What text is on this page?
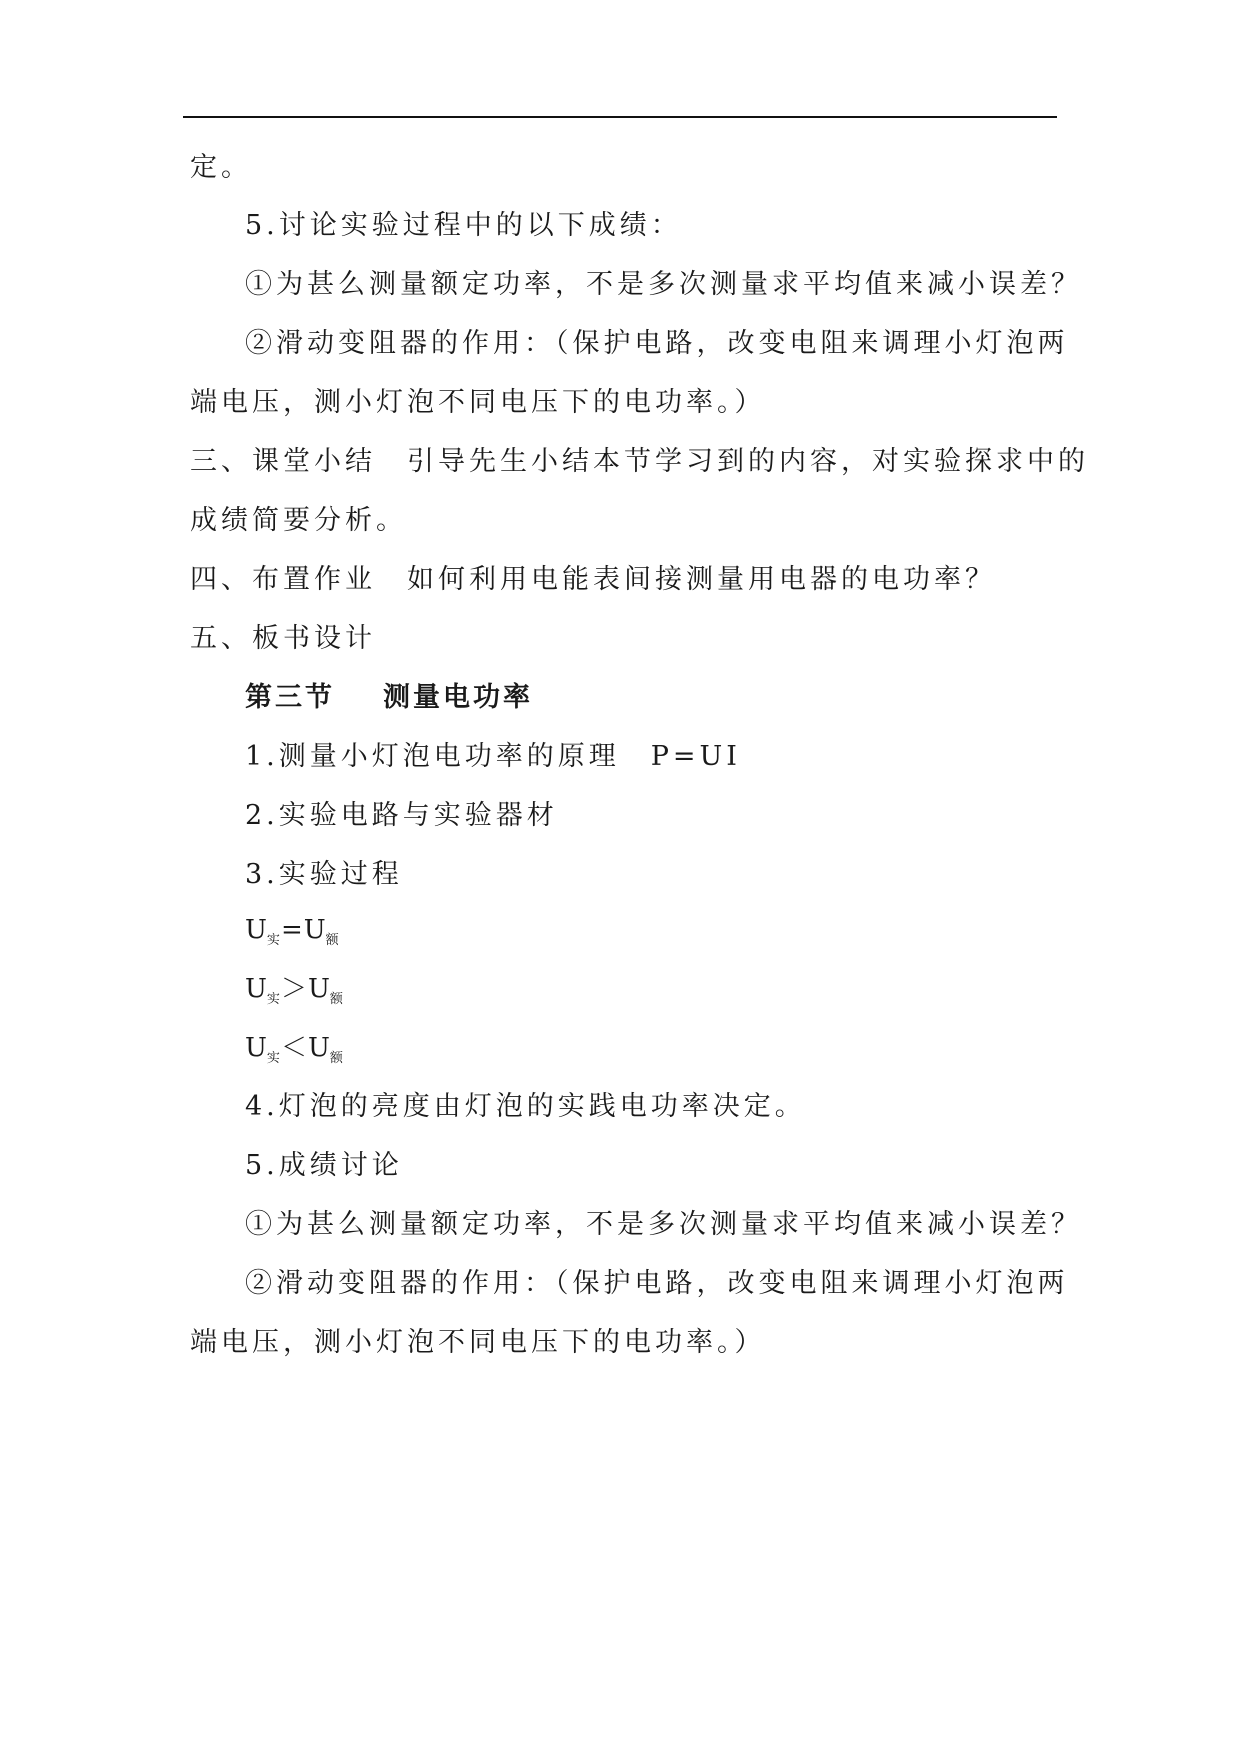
定。
5.讨论实验过程中的以下成绩：
①为甚么测量额定功率，不是多次测量求平均值来减小误差？
②滑动变阻器的作用：（保护电路，改变电阻来调理小灯泡两
端电压，测小灯泡不同电压下的电功率。）
三、课堂小结　引导先生小结本节学习到的内容，对实验探求中的
成绩简要分析。
四、布置作业　如何利用电能表间接测量用电器的电功率？
五、板书设计
第三节 测量电功率
1.测量小灯泡电功率的原理　P=UI
2.实验电路与实验器材
3.实验过程
$U_实=U_额$
$U_实>U_额$
$U_实<U_额$
4.灯泡的亮度由灯泡的实践电功率决定。
5.成绩讨论
①为甚么测量额定功率，不是多次测量求平均值来减小误差？
②滑动变阻器的作用：（保护电路，改变电阻来调理小灯泡两
端电压，测小灯泡不同电压下的电功率。）
